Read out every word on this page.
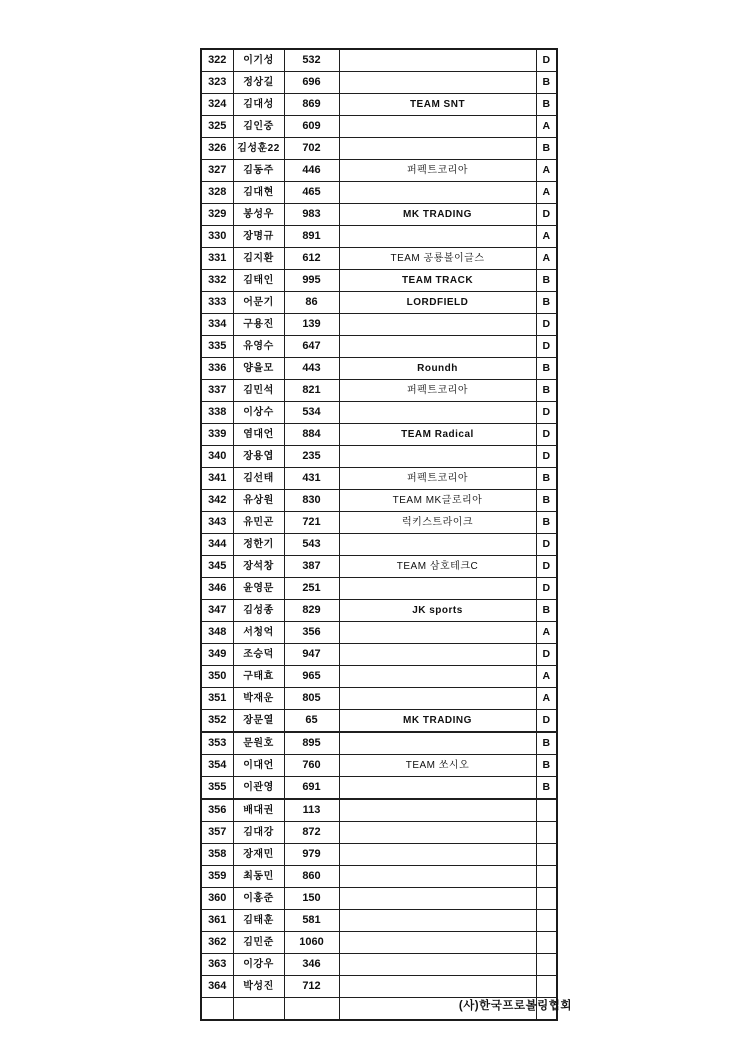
322	이기성	532		D
323	정상길	696		B
324	김대성	869	TEAM SNT	B
325	김인중	609		A
326	김성훈22	702		B
327	김동주	446	퍼펙트코리아	A
328	김대현	465		A
329	봉성우	983	MK TRADING	D
330	장명규	891		A
331	김지환	612	TEAM 공룡볼이글스	A
332	김태인	995	TEAM TRACK	B
333	어문기	86	LORDFIELD	B
334	구용진	139		D
335	유영수	647		D
336	양을모	443	Roundh	B
337	김민석	821	퍼펙트코리아	B
338	이상수	534		D
339	염대언	884	TEAM Radical	D
340	장용엽	235		D
341	김선태	431	퍼펙트코리아	B
342	유상원	830	TEAM MK글로리아	B
343	유민곤	721	럭키스트라이크	B
344	정한기	543		D
345	장석창	387	TEAM 삼호테크C	D
346	윤영문	251		D
347	김성종	829	JK sports	B
348	서청억	356		A
349	조승덕	947		D
350	구태효	965		A
351	박재운	805		A
352	장문열	65	MK TRADING	D
353	문원호	895		B
354	이대언	760	TEAM 쏘시오	B
355	이관영	691		B
356	배대권	113		
357	김대강	872		
358	장재민	979		
359	최동민	860		
360	이홍준	150		
361	김태훈	581		
362	김민준	1060		
363	이강우	346		
364	박성진	712		

(사)한국프로볼링협회
